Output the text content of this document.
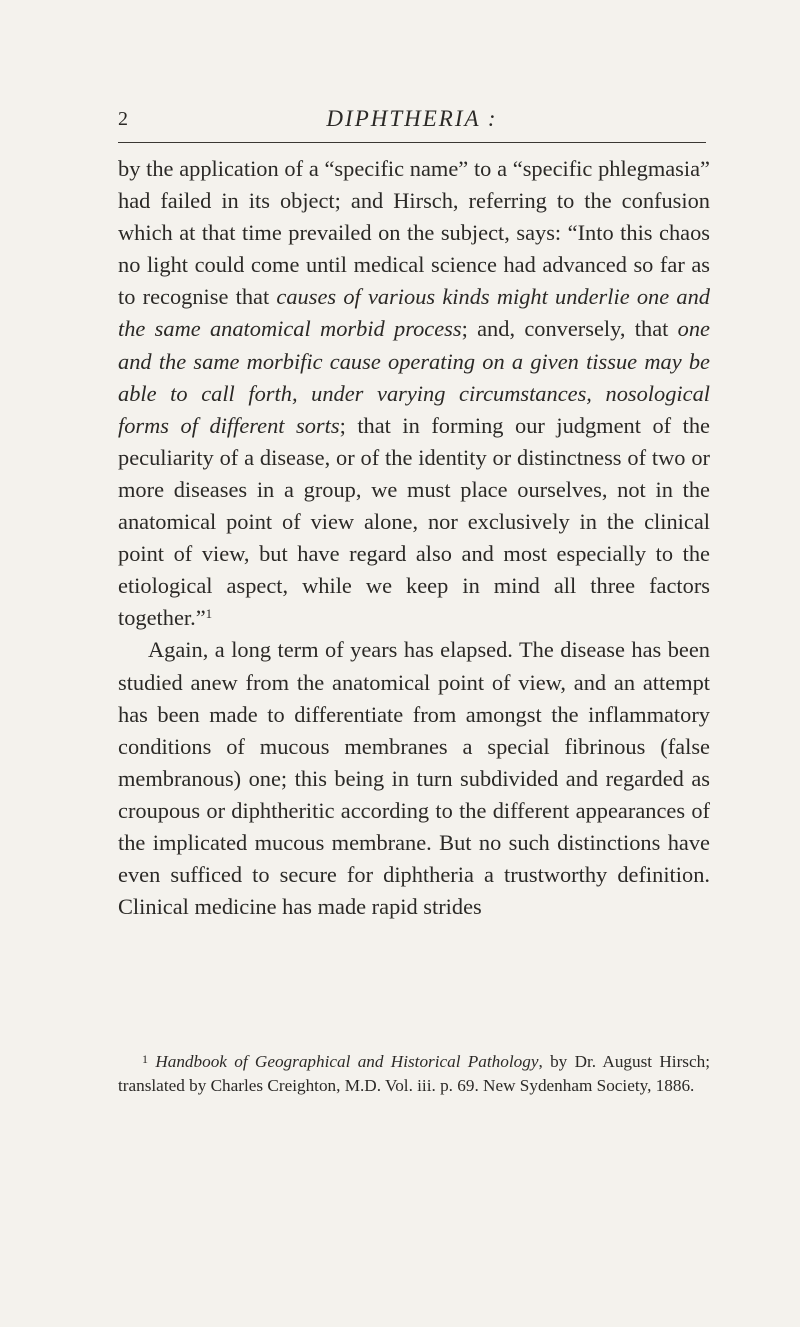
2	DIPHTHERIA :

by the application of a “specific name” to a “specific phlegmasia” had failed in its object; and Hirsch, referring to the confusion which at that time prevailed on the subject, says: “Into this chaos no light could come until medical science had advanced so far as to recognise that causes of various kinds might underlie one and the same anatomical morbid process; and, conversely, that one and the same morbific cause operating on a given tissue may be able to call forth, under varying circumstances, nosological forms of different sorts; that in forming our judgment of the peculiarity of a disease, or of the identity or distinctness of two or more diseases in a group, we must place ourselves, not in the anatomical point of view alone, nor exclusively in the clinical point of view, but have regard also and most especially to the etiological aspect, while we keep in mind all three factors together.”$^1$

Again, a long term of years has elapsed. The disease has been studied anew from the anatomical point of view, and an attempt has been made to differentiate from amongst the inflammatory conditions of mucous membranes a special fibrinous (false membranous) one; this being in turn subdivided and regarded as croupous or diphtheritic according to the different appearances of the implicated mucous membrane. But no such distinctions have even sufficed to secure for diphtheria a trustworthy definition. Clinical medicine has made rapid strides

$^1$ Handbook of Geographical and Historical Pathology, by Dr. August Hirsch; translated by Charles Creighton, M.D. Vol. iii. p. 69. New Sydenham Society, 1886.
